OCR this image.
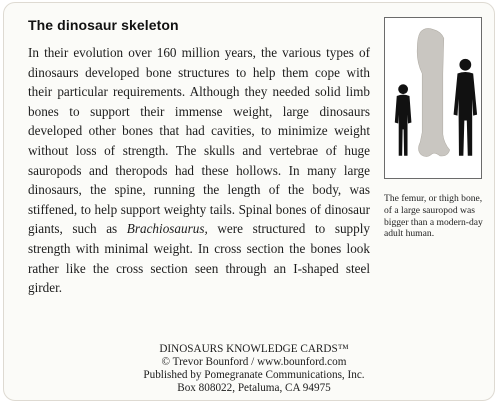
The dinosaur skeleton

In their evolution over 160 million years, the various types of dinosaurs developed bone structures to help them cope with their particular requirements. Although they needed solid limb bones to support their immense weight, large dinosaurs developed other bones that had cavities, to minimize weight without loss of strength. The skulls and vertebrae of huge sauropods and theropods had these hollows. In many large dinosaurs, the spine, running the length of the body, was stiffened, to help support weighty tails. Spinal bones of dinosaur giants, such as Brachiosaurus, were structured to supply strength with minimal weight. In cross section the bones look rather like the cross section seen through an I-shaped steel girder.

The femur, or thigh bone, of a large sauropod was bigger than a modern-day adult human.

DINOSAURS KNOWLEDGE CARDS™
© Trevor Bounford / www.bounford.com
Published by Pomegranate Communications, Inc.
Box 808022, Petaluma, CA 94975
